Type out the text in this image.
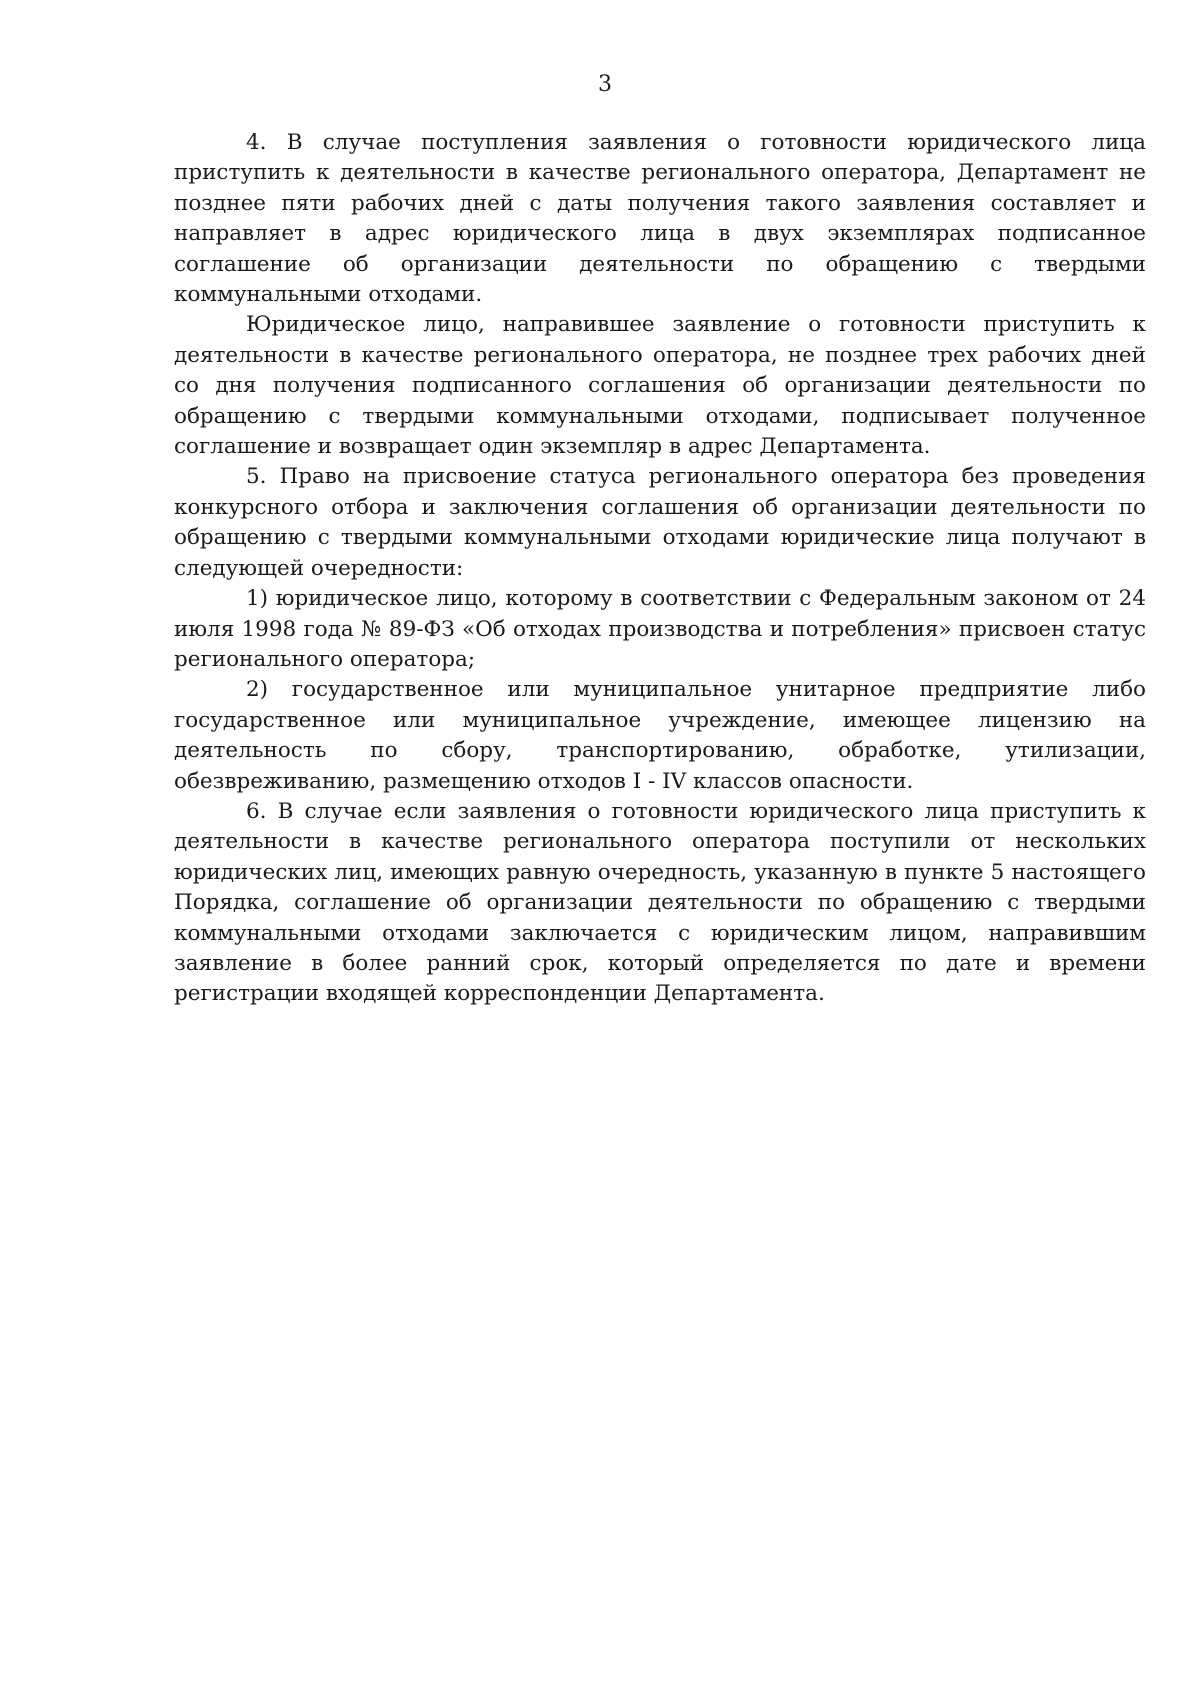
3

4. В случае поступления заявления о готовности юридического лица приступить к деятельности в качестве регионального оператора, Департамент не позднее пяти рабочих дней с даты получения такого заявления составляет и направляет в адрес юридического лица в двух экземплярах подписанное соглашение об организации деятельности по обращению с твердыми коммунальными отходами.

Юридическое лицо, направившее заявление о готовности приступить к деятельности в качестве регионального оператора, не позднее трех рабочих дней со дня получения подписанного соглашения об организации деятельности по обращению с твердыми коммунальными отходами, подписывает полученное соглашение и возвращает один экземпляр в адрес Департамента.

5. Право на присвоение статуса регионального оператора без проведения конкурсного отбора и заключения соглашения об организации деятельности по обращению с твердыми коммунальными отходами юридические лица получают в следующей очередности:

1) юридическое лицо, которому в соответствии с Федеральным законом от 24 июля 1998 года № 89-ФЗ «Об отходах производства и потребления» присвоен статус регионального оператора;

2) государственное или муниципальное унитарное предприятие либо государственное или муниципальное учреждение, имеющее лицензию на деятельность по сбору, транспортированию, обработке, утилизации, обезвреживанию, размещению отходов I - IV классов опасности.

6. В случае если заявления о готовности юридического лица приступить к деятельности в качестве регионального оператора поступили от нескольких юридических лиц, имеющих равную очередность, указанную в пункте 5 настоящего Порядка, соглашение об организации деятельности по обращению с твердыми коммунальными отходами заключается с юридическим лицом, направившим заявление в более ранний срок, который определяется по дате и времени регистрации входящей корреспонденции Департамента.
